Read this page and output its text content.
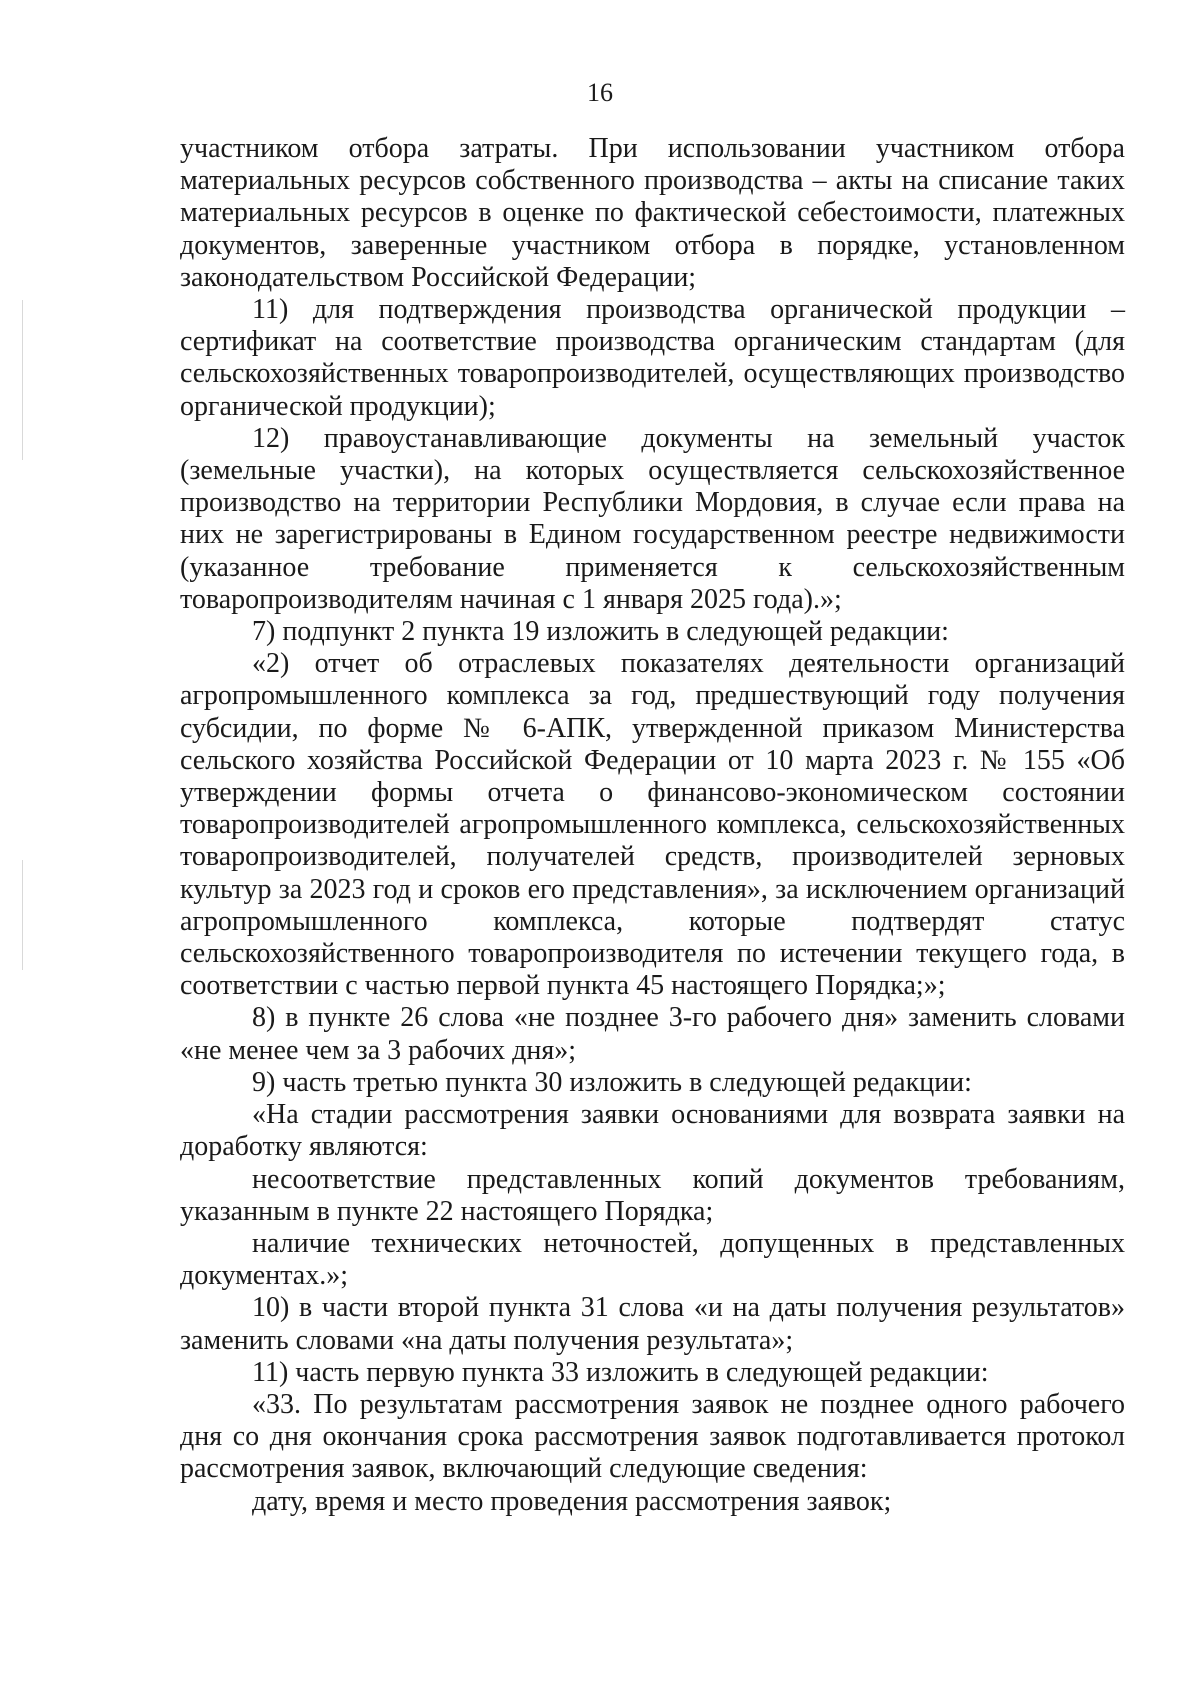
16

участником отбора затраты. При использовании участником отбора материальных ресурсов собственного производства – акты на списание таких материальных ресурсов в оценке по фактической себестоимости, платежных документов, заверенные участником отбора в порядке, установленном законодательством Российской Федерации;

11) для подтверждения производства органической продукции – сертификат на соответствие производства органическим стандартам (для сельскохозяйственных товаропроизводителей, осуществляющих производство органической продукции);

12) правоустанавливающие документы на земельный участок (земельные участки), на которых осуществляется сельскохозяйственное производство на территории Республики Мордовия, в случае если права на них не зарегистрированы в Едином государственном реестре недвижимости (указанное требование применяется к сельскохозяйственным товаропроизводителям начиная с 1 января 2025 года).»;

7) подпункт 2 пункта 19 изложить в следующей редакции:

«2) отчет об отраслевых показателях деятельности организаций агропромышленного комплекса за год, предшествующий году получения субсидии, по форме № 6-АПК, утвержденной приказом Министерства сельского хозяйства Российской Федерации от 10 марта 2023 г. № 155 «Об утверждении формы отчета о финансово-экономическом состоянии товаропроизводителей агропромышленного комплекса, сельскохозяйственных товаропроизводителей, получателей средств, производителей зерновых культур за 2023 год и сроков его представления», за исключением организаций агропромышленного комплекса, которые подтвердят статус сельскохозяйственного товаропроизводителя по истечении текущего года, в соответствии с частью первой пункта 45 настоящего Порядка;»;

8) в пункте 26 слова «не позднее 3-го рабочего дня» заменить словами «не менее чем за 3 рабочих дня»;

9) часть третью пункта 30 изложить в следующей редакции:

«На стадии рассмотрения заявки основаниями для возврата заявки на доработку являются:

несоответствие представленных копий документов требованиям, указанным в пункте 22 настоящего Порядка;

наличие технических неточностей, допущенных в представленных документах.»;

10) в части второй пункта 31 слова «и на даты получения результатов» заменить словами «на даты получения результата»;

11) часть первую пункта 33 изложить в следующей редакции:

«33. По результатам рассмотрения заявок не позднее одного рабочего дня со дня окончания срока рассмотрения заявок подготавливается протокол рассмотрения заявок, включающий следующие сведения:

дату, время и место проведения рассмотрения заявок;
